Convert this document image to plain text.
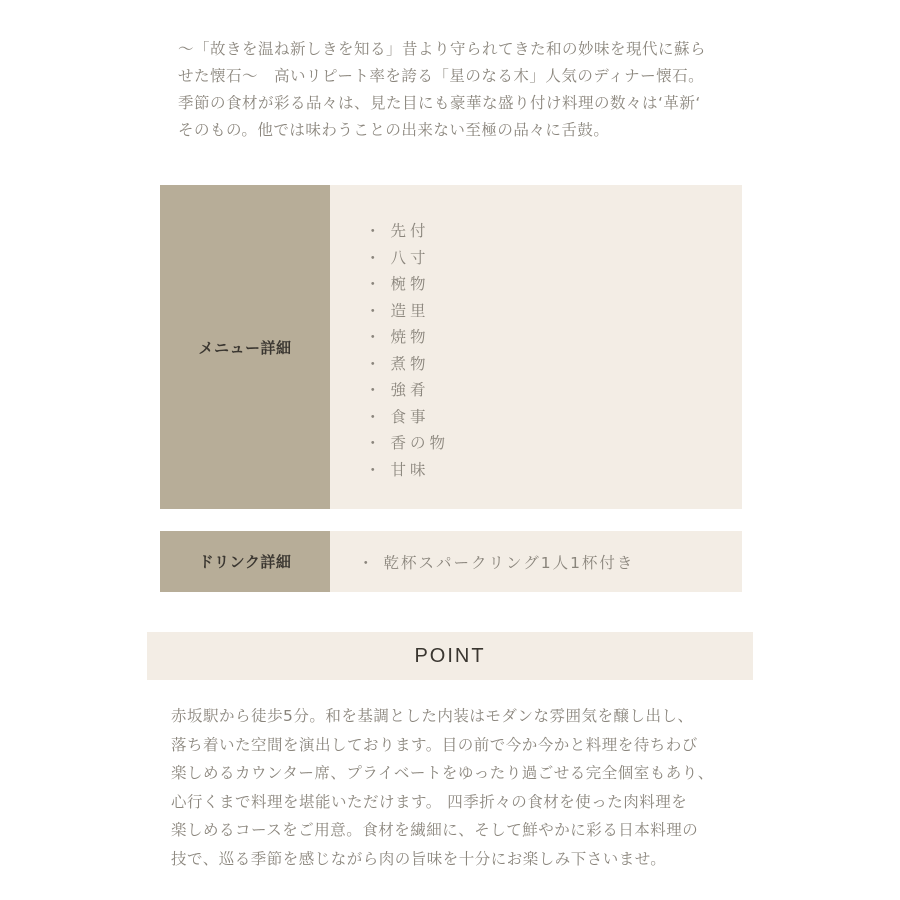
～「故きを温ね新しきを知る」昔より守られてきた和の妙味を現代に蘇ら
せた懐石～　高いリピート率を誇る「星のなる木」人気のディナー懐石。
季節の食材が彩る品々は、見た目にも豪華な盛り付け料理の数々は‘革新‘
そのもの。他では味わうことの出来ない至極の品々に舌鼓。
メニュー詳細
・ 先付
・ 八寸
・ 椀物
・ 造里
・ 焼物
・ 煮物
・ 強肴
・ 食事
・ 香の物
・ 甘味
ドリンク詳細	・ 乾杯スパークリング1人1杯付き
POINT
赤坂駅から徒歩5分。和を基調とした内装はモダンな雰囲気を醸し出し、
落ち着いた空間を演出しております。目の前で今か今かと料理を待ちわび
楽しめるカウンター席、プライベートをゆったり過ごせる完全個室もあり、
心行くまで料理を堪能いただけます。 四季折々の食材を使った肉料理を
楽しめるコースをご用意。食材を繊細に、そして鮮やかに彩る日本料理の
技で、巡る季節を感じながら肉の旨味を十分にお楽しみ下さいませ。
